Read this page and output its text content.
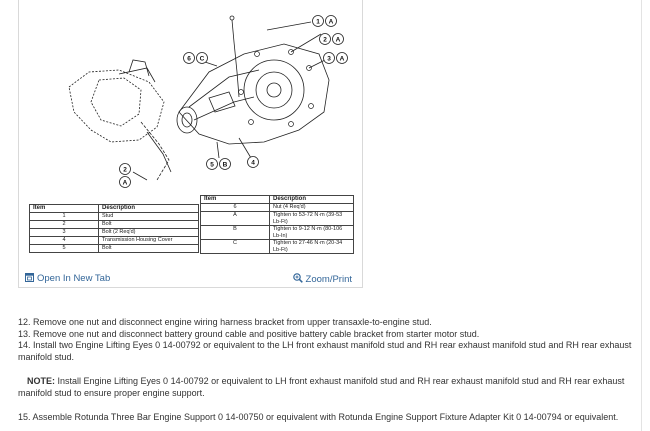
1 A
2 A
3 A
6 C
5 B	4
2
A
Item	Description
1	Stud
2	Bolt
3	Bolt (2 Req'd)
4	Transmission Housing Cover
5	Bolt
Item	Description
6	Nut (4 Req'd)
A	Tighten to 53-72 N·m (39-53 Lb-Ft)
B	Tighten to 9-12 N·m (80-106 Lb-In)
C	Tighten to 27-46 N·m (20-34 Lb-Ft)
Open In New Tab	Zoom/Print

12. Remove one nut and disconnect engine wiring harness bracket from upper transaxle-to-engine stud.

13. Remove one nut and disconnect battery ground cable and positive battery cable bracket from starter motor stud.

14. Install two Engine Lifting Eyes 0 14-00792 or equivalent to the LH front exhaust manifold stud and RH rear exhaust manifold stud and RH rear exhaust manifold stud.

NOTE: Install Engine Lifting Eyes 0 14-00792 or equivalent to LH front exhaust manifold stud and RH rear exhaust manifold stud and RH rear exhaust

manifold stud to ensure proper engine support.

15. Assemble Rotunda Three Bar Engine Support 0 14-00750 or equivalent with Rotunda Engine Support Fixture Adapter Kit 0 14-00794 or equivalent.
